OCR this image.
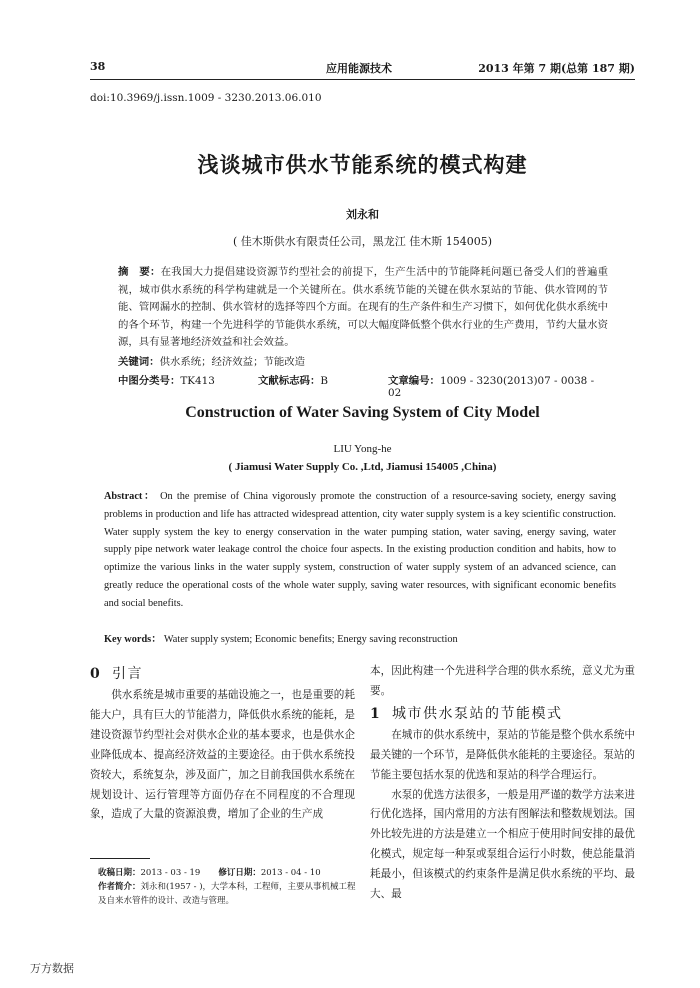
38	应用能源技术	2013 年第 7 期(总第 187 期)
doi:10.3969/j.issn.1009 - 3230.2013.06.010
浅谈城市供水节能系统的模式构建
刘永和
( 佳木斯供水有限责任公司，黑龙江 佳木斯 154005)
摘　要：在我国大力提倡建设资源节约型社会的前提下，生产生活中的节能降耗问题已备受人们的普遍重视，城市供水系统的科学构建就是一个关键所在。供水系统节能的关键在供水泵站的节能、供水管网的节能、管网漏水的控制、供水管材的选择等四个方面。在现有的生产条件和生产习惯下，如何优化供水系统中的各个环节，构建一个先进科学的节能供水系统，可以大幅度降低整个供水行业的生产费用，节约大量水资源，具有显著地经济效益和社会效益。
关键词：供水系统；经济效益；节能改造
中图分类号：TK413	文献标志码：B	文章编号：1009 - 3230(2013)07 - 0038 - 02
Construction of Water Saving System of City Model
LIU Yong-he
( Jiamusi Water Supply Co. ,Ltd, Jiamusi 154005 ,China)
Abstract： On the premise of China vigorously promote the construction of a resource-saving society, energy saving problems in production and life has attracted widespread attention, city water supply system is a key scientific construction. Water supply system the key to energy conservation in the water pumping station, water saving, energy saving, water supply pipe network water leakage control the choice four aspects. In the existing production condition and habits, how to optimize the various links in the water supply system, construction of water supply system of an advanced science, can greatly reduce the operational costs of the whole water supply, saving water resources, with significant economic benefits and social benefits.
Key words： Water supply system; Economic benefits; Energy saving reconstruction
0 引言

供水系统是城市重要的基础设施之一，也是重要的耗能大户，具有巨大的节能潜力，降低供水系统的能耗，是建设资源节约型社会对供水企业的基本要求，也是供水企业降低成本、提高经济效益的主要途径。由于供水系统投资较大，系统复杂，涉及面广，加之目前我国供水系统在规划设计、运行管理等方面仍存在不同程度的不合理现象，造成了大量的资源浪费，增加了企业的生产成

本，因此构建一个先进科学合理的供水系统，意义尤为重要。

1 城市供水泵站的节能模式

在城市的供水系统中，泵站的节能是整个供水系统中最关键的一个环节，是降低供水能耗的主要途径。泵站的节能主要包括水泵的优选和泵站的科学合理运行。

水泵的优选方法很多，一般是用严谨的数学方法来进行优化选择，国内常用的方法有图解法和整数规划法。国外比较先进的方法是建立一个相应于使用时间安排的最优化模式，规定每一种泵或泵组合运行小时数，使总能量消耗最小，但该模式的约束条件是满足供水系统的平均、最大、最

收稿日期：2013 - 03 - 19 修订日期：2013 - 04 - 10
作者简介：刘永和(1957 - )，大学本科，工程师，主要从事机械工程及自来水管件的设计、改造与管理。
万方数据
